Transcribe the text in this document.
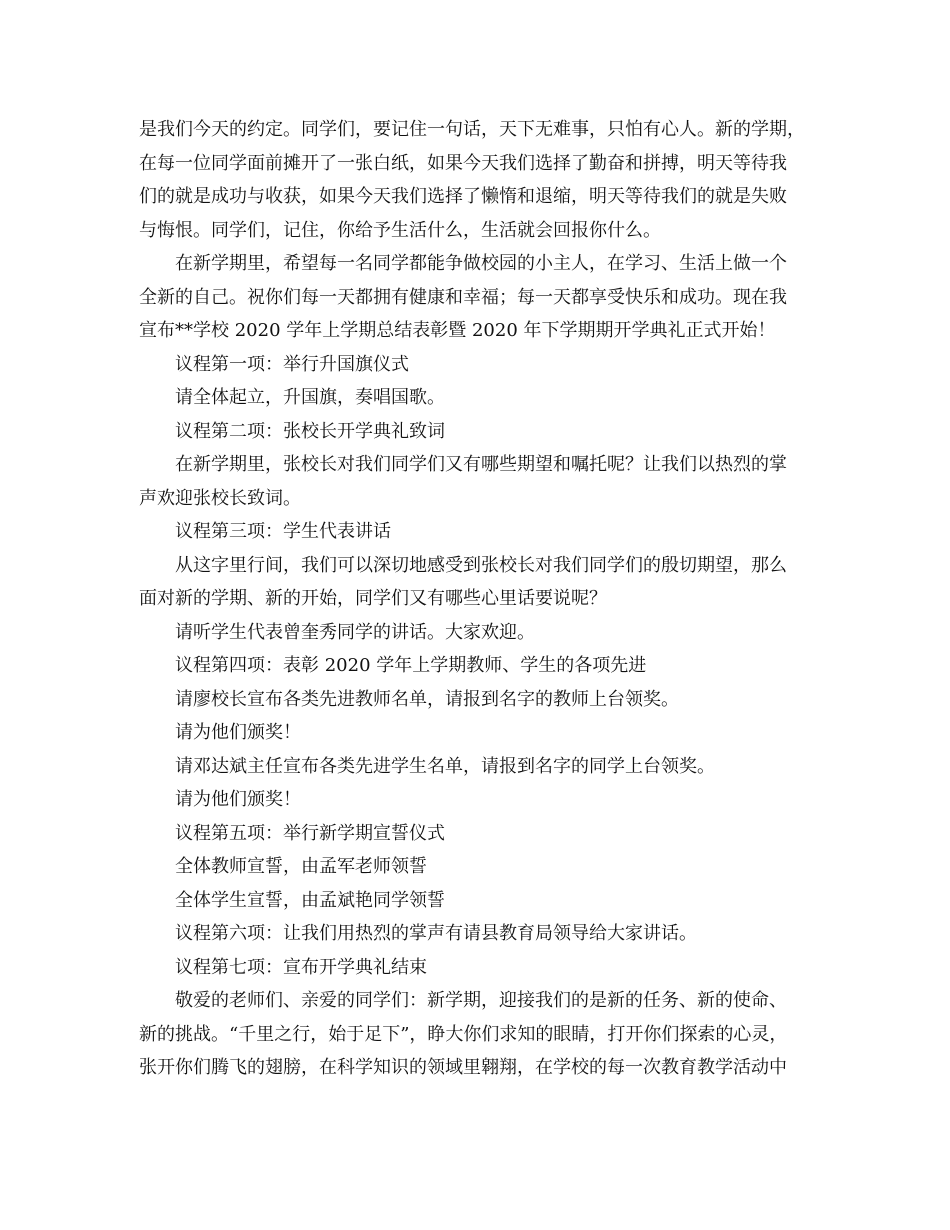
是我们今天的约定。同学们，要记住一句话，天下无难事，只怕有心人。新的学期，

在每一位同学面前摊开了一张白纸，如果今天我们选择了勤奋和拼搏，明天等待我

们的就是成功与收获，如果今天我们选择了懒惰和退缩，明天等待我们的就是失败

与悔恨。同学们，记住，你给予生活什么，生活就会回报你什么。

在新学期里，希望每一名同学都能争做校园的小主人，在学习、生活上做一个

全新的自己。祝你们每一天都拥有健康和幸福；每一天都享受快乐和成功。现在我

宣布**学校 2020 学年上学期总结表彰暨 2020 年下学期期开学典礼正式开始！

议程第一项：举行升国旗仪式

请全体起立，升国旗，奏唱国歌。

议程第二项：张校长开学典礼致词

在新学期里，张校长对我们同学们又有哪些期望和嘱托呢？让我们以热烈的掌

声欢迎张校长致词。

议程第三项：学生代表讲话

从这字里行间，我们可以深切地感受到张校长对我们同学们的殷切期望，那么

面对新的学期、新的开始，同学们又有哪些心里话要说呢？

请听学生代表曾奎秀同学的讲话。大家欢迎。

议程第四项：表彰 2020 学年上学期教师、学生的各项先进

请廖校长宣布各类先进教师名单，请报到名字的教师上台领奖。

请为他们颁奖！

请邓达斌主任宣布各类先进学生名单，请报到名字的同学上台领奖。

请为他们颁奖！

议程第五项：举行新学期宣誓仪式

全体教师宣誓，由孟军老师领誓

全体学生宣誓，由孟斌艳同学领誓

议程第六项：让我们用热烈的掌声有请县教育局领导给大家讲话。

议程第七项：宣布开学典礼结束

敬爱的老师们、亲爱的同学们：新学期，迎接我们的是新的任务、新的使命、

新的挑战。“千里之行，始于足下”，睁大你们求知的眼睛，打开你们探索的心灵，

张开你们腾飞的翅膀，在科学知识的领域里翱翔，在学校的每一次教育教学活动中
